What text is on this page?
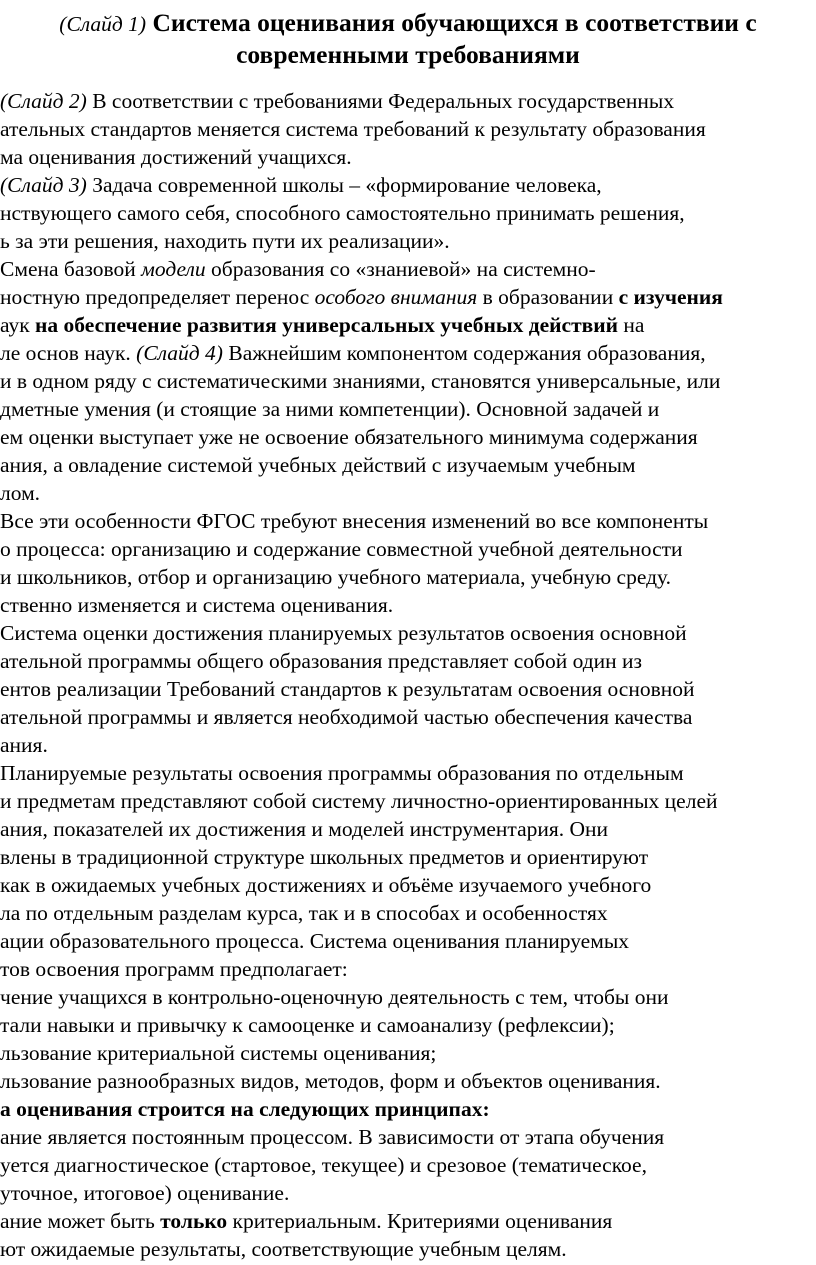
(Слайд 1) Система оценивания обучающихся в соответствии с
современными требованиями
(Слайд 2) В соответствии с требованиями Федеральных государственных
ательных стандартов меняется система требований к результату образования
ма оценивания достижений учащихся.
(Слайд 3) Задача современной школы – «формирование человека,
нствующего самого себя, способного самостоятельно принимать решения,
ь за эти решения, находить пути их реализации».
Смена базовой модели образования со «знаниевой» на системно-
ностную предопределяет перенос особого внимания в образовании с изучения
аук на обеспечение развития универсальных учебных действий на
ле основ наук. (Слайд 4) Важнейшим компонентом содержания образования,
и в одном ряду с систематическими знаниями, становятся универсальные, или
дметные умения (и стоящие за ними компетенции). Основной задачей и
ем оценки выступает уже не освоение обязательного минимума содержания
ания, а овладение системой учебных действий с изучаемым учебным
лом.
Все эти особенности ФГОС требуют внесения изменений во все компоненты
о процесса: организацию и содержание совместной учебной деятельности
и школьников, отбор и организацию учебного материала, учебную среду.
ственно изменяется и система оценивания.
Система оценки достижения планируемых результатов освоения основной
ательной программы общего образования представляет собой один из
ентов реализации Требований стандартов к результатам освоения основной
ательной программы и является необходимой частью обеспечения качества
ания.
Планируемые результаты освоения программы образования по отдельным
и предметам представляют собой систему личностно-ориентированных целей
ания, показателей их достижения и моделей инструментария. Они
влены в традиционной структуре школьных предметов и ориентируют
как в ожидаемых учебных достижениях и объёме изучаемого учебного
ла по отдельным разделам курса, так и в способах и особенностях
ации образовательного процесса. Система оценивания планируемых
тов освоения программ предполагает:
чение учащихся в контрольно-оценочную деятельность с тем, чтобы они
тали навыки и привычку к самооценке и самоанализу (рефлексии);
льзование критериальной системы оценивания;
льзование разнообразных видов, методов, форм и объектов оценивания.
а оценивания строится на следующих принципах:
ание является постоянным процессом. В зависимости от этапа обучения
уется диагностическое (стартовое, текущее) и срезовое (тематическое,
уточное, итоговое) оценивание.
ание может быть только критериальным. Критериями оценивания
ют ожидаемые результаты, соответствующие учебным целям.
